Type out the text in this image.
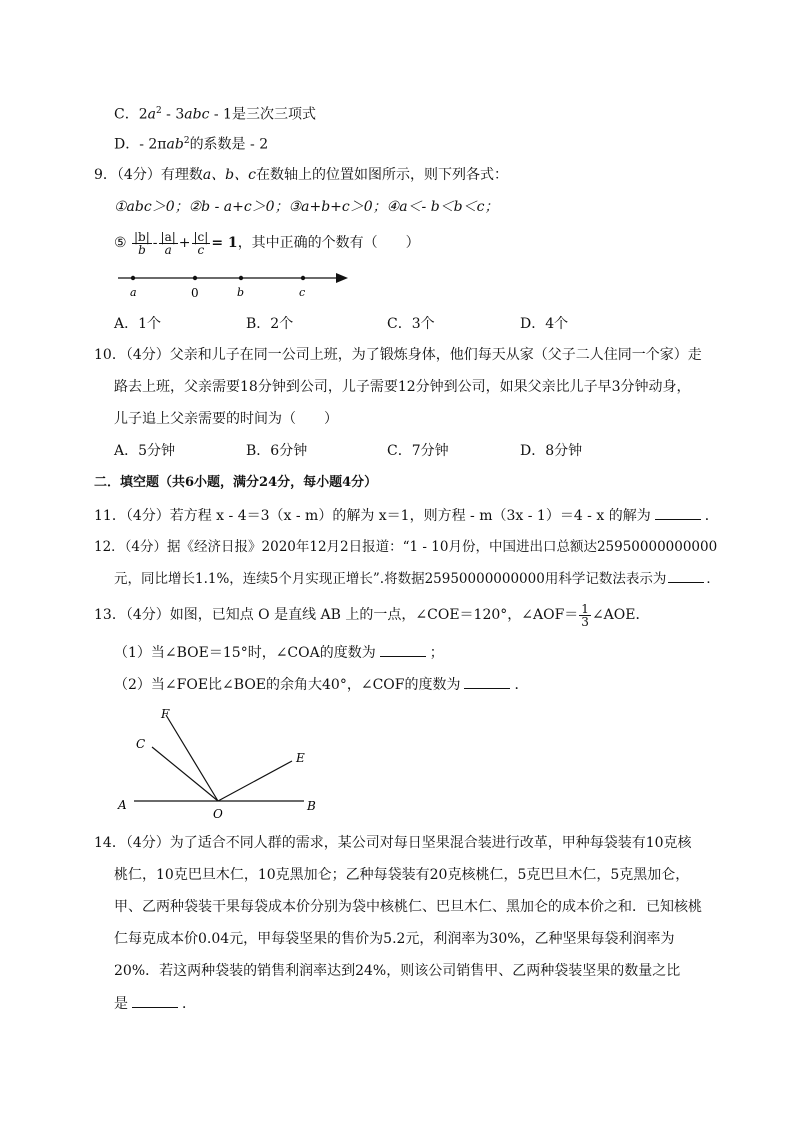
C．$2a^2 - 3abc - 1$是三次三项式
D．- 2πab$^2$的系数是 - 2
9．（4分）有理数a、b、c在数轴上的位置如图所示，则下列各式：
①abc＞0；②b - a+c＞0；③a+b+c＞0；④a＜- b＜b＜c；
⑤ $\frac{|b|}{b} - \frac{|a|}{a} + \frac{|c|}{c} = 1$，其中正确的个数有（　　）
a	0	b	c
A．1个	B．2个	C．3个	D．4个
10．（4分）父亲和儿子在同一公司上班，为了锻炼身体，他们每天从家（父子二人住同一个家）走
路去上班，父亲需要18分钟到公司，儿子需要12分钟到公司，如果父亲比儿子早3分钟动身，
儿子追上父亲需要的时间为（　　）
A．5分钟	B．6分钟	C．7分钟	D．8分钟
二．填空题（共6小题，满分24分，每小题4分）
11．（4分）若方程 x - 4＝3（x - m）的解为 x＝1，则方程 - m（3x - 1）＝4 - x 的解为	．
12．（4分）据《经济日报》2020年12月2日报道：“1 - 10月份，中国进出口总额达25950000000000
元，同比增长1.1%，连续5个月实现正增长”.将数据25950000000000用科学记数法表示为	．
13．（4分）如图，已知点 O 是直线 AB 上的一点，∠COE＝120°，∠AOF＝ $\frac{1}{3}$ ∠AOE．
（1）当∠BOE＝15°时，∠COA的度数为	；
（2）当∠FOE比∠BOE的余角大40°，∠COF的度数为	．
F
C
E
A
O
B
14．（4分）为了适合不同人群的需求，某公司对每日坚果混合装进行改革，甲种每袋装有10克核
桃仁，10克巴旦木仁，10克黑加仑；乙种每袋装有20克核桃仁，5克巴旦木仁，5克黑加仑，
甲、乙两种袋装干果每袋成本价分别为袋中核桃仁、巴旦木仁、黑加仑的成本价之和．已知核桃
仁每克成本价0.04元，甲每袋坚果的售价为5.2元，利润率为30%，乙种坚果每袋利润率为
20%．若这两种袋装的销售利润率达到24%，则该公司销售甲、乙两种袋装坚果的数量之比
是	．
